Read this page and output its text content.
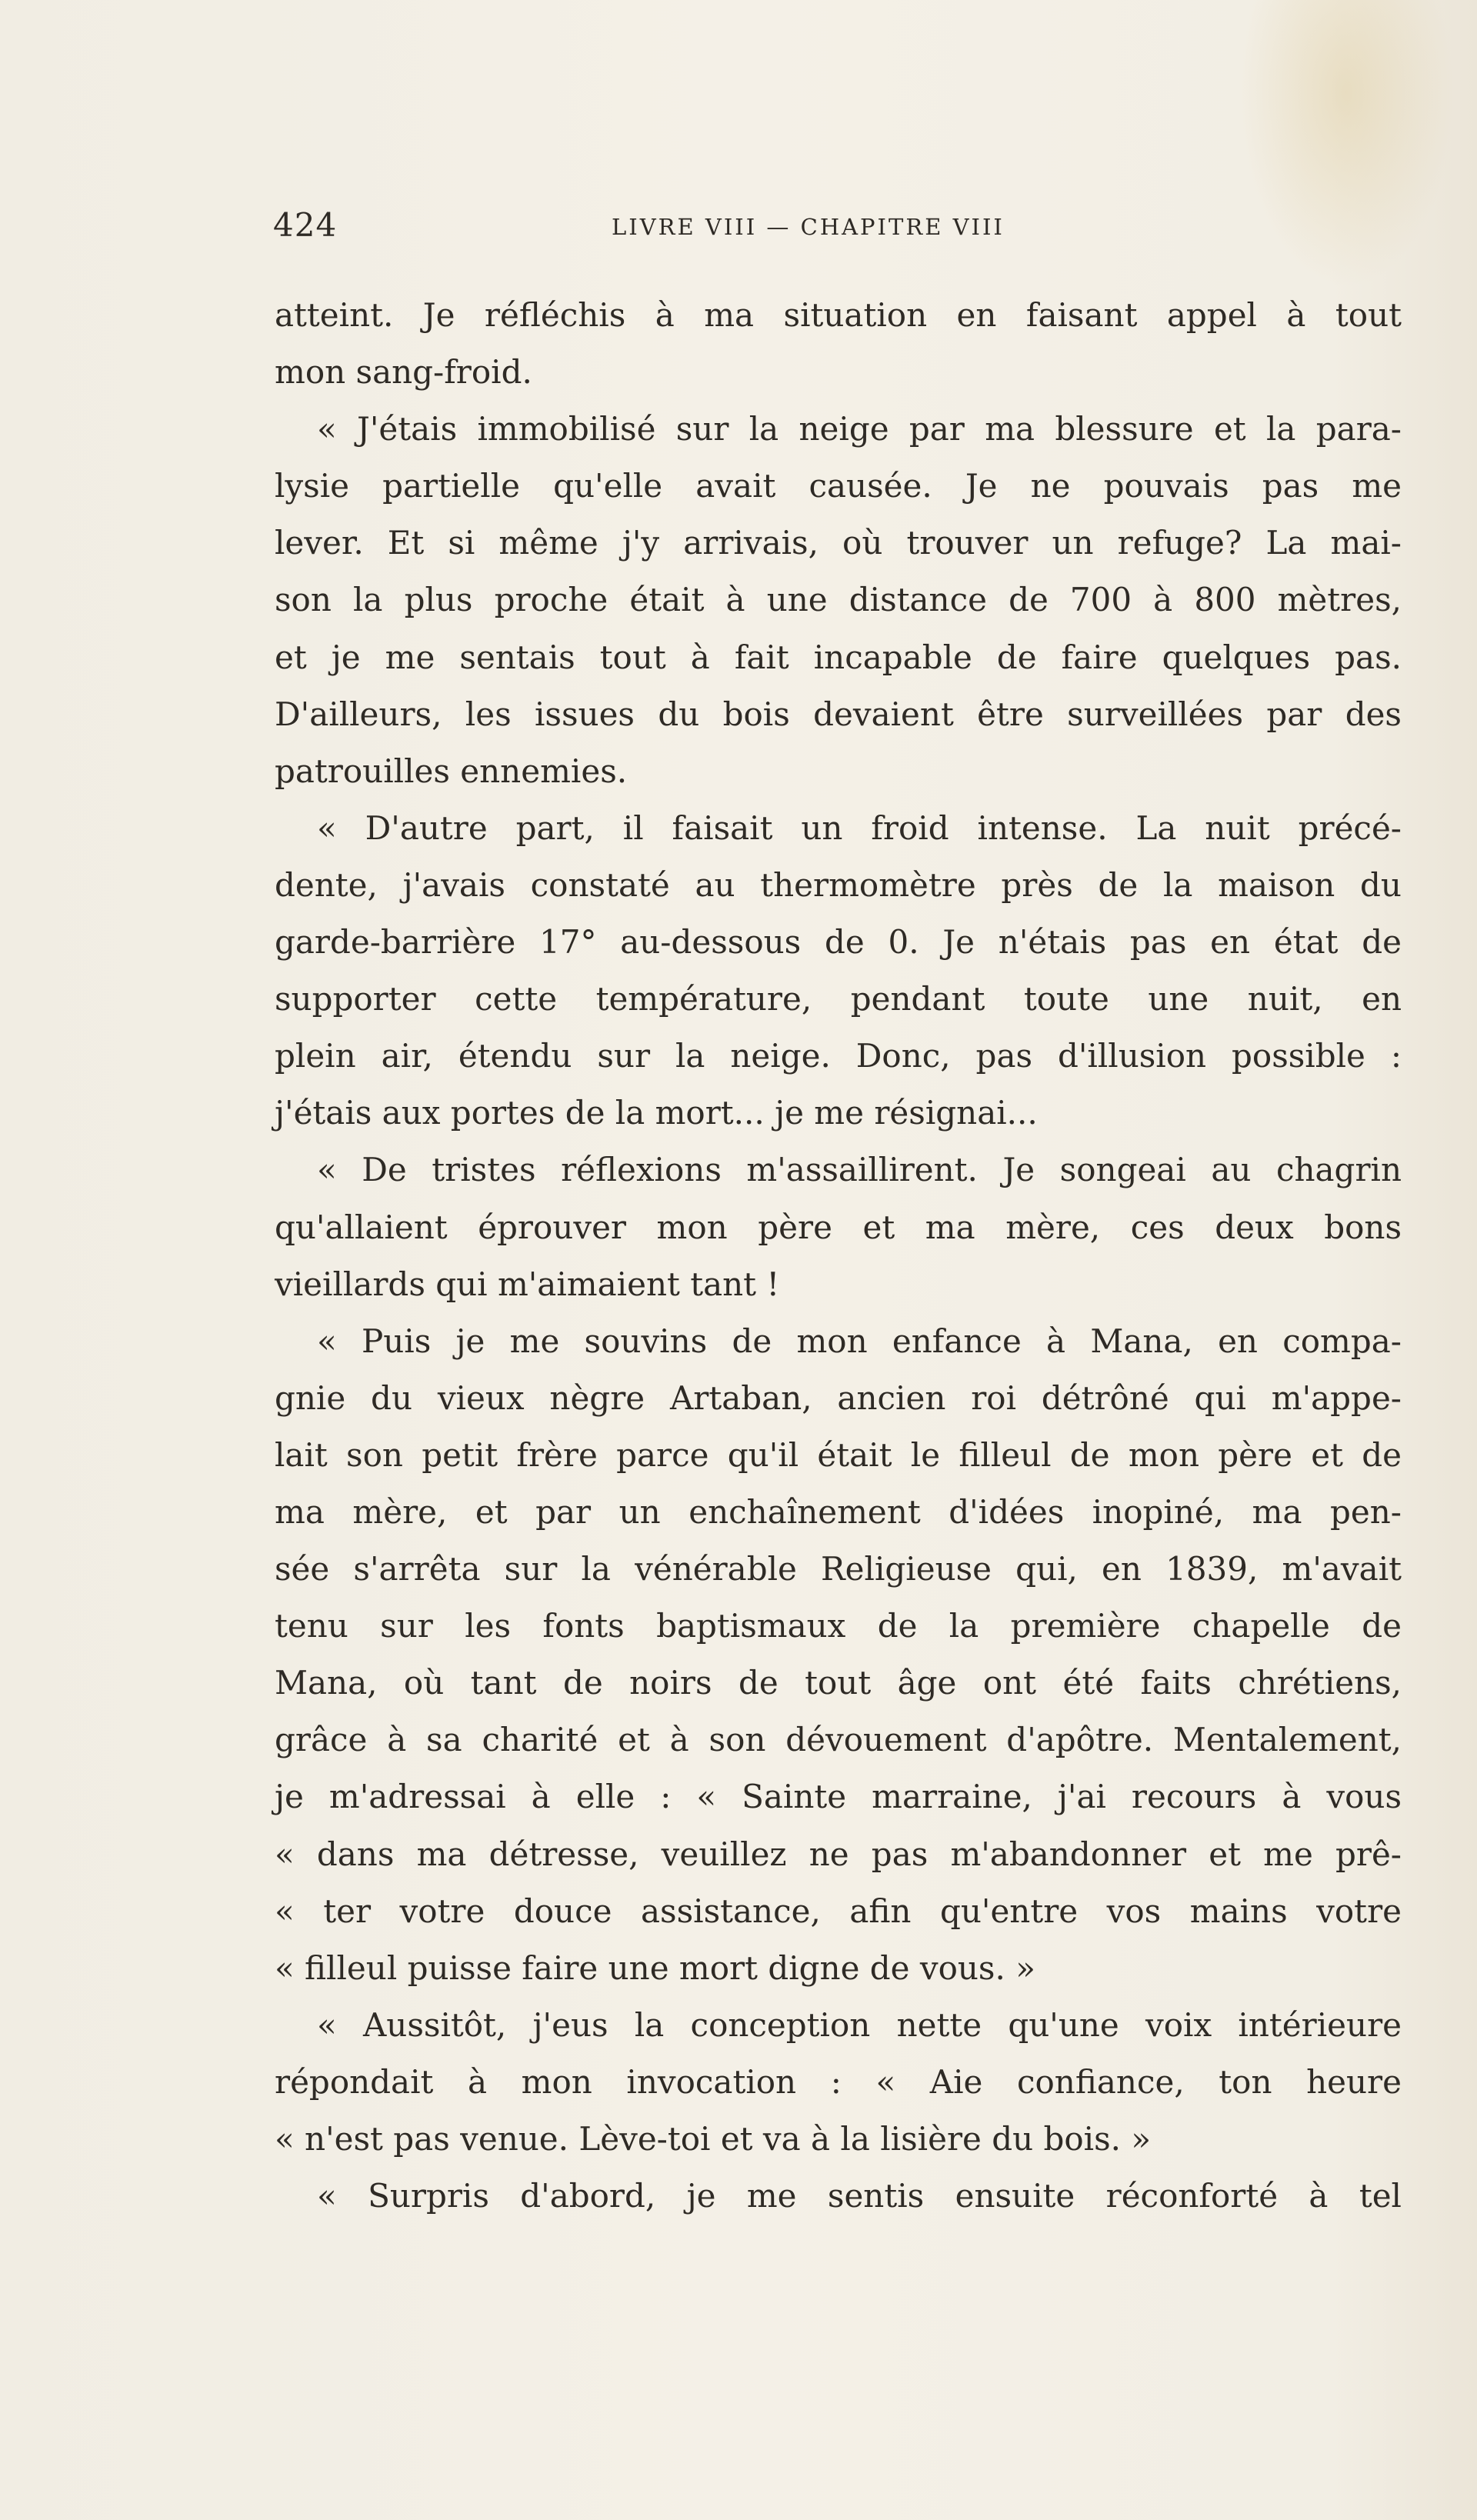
424	LIVRE VIII — CHAPITRE VIII
atteint. Je réfléchis à ma situation en faisant appel à tout
mon sang-froid.
« J'étais immobilisé sur la neige par ma blessure et la para-
lysie partielle qu'elle avait causée. Je ne pouvais pas me
lever. Et si même j'y arrivais, où trouver un refuge? La mai-
son la plus proche était à une distance de 700 à 800 mètres,
et je me sentais tout à fait incapable de faire quelques pas.
D'ailleurs, les issues du bois devaient être surveillées par des
patrouilles ennemies.
« D'autre part, il faisait un froid intense. La nuit précé-
dente, j'avais constaté au thermomètre près de la maison du
garde-barrière 17° au-dessous de 0. Je n'étais pas en état de
supporter cette température, pendant toute une nuit, en
plein air, étendu sur la neige. Donc, pas d'illusion possible :
j'étais aux portes de la mort... je me résignai...
« De tristes réflexions m'assaillirent. Je songeai au chagrin
qu'allaient éprouver mon père et ma mère, ces deux bons
vieillards qui m'aimaient tant !
« Puis je me souvins de mon enfance à Mana, en compa-
gnie du vieux nègre Artaban, ancien roi détrôné qui m'appe-
lait son petit frère parce qu'il était le filleul de mon père et de
ma mère, et par un enchaînement d'idées inopiné, ma pen-
sée s'arrêta sur la vénérable Religieuse qui, en 1839, m'avait
tenu sur les fonts baptismaux de la première chapelle de
Mana, où tant de noirs de tout âge ont été faits chrétiens,
grâce à sa charité et à son dévouement d'apôtre. Mentalement,
je m'adressai à elle : « Sainte marraine, j'ai recours à vous
« dans ma détresse, veuillez ne pas m'abandonner et me prê-
« ter votre douce assistance, afin qu'entre vos mains votre
« filleul puisse faire une mort digne de vous. »
« Aussitôt, j'eus la conception nette qu'une voix intérieure
répondait à mon invocation : « Aie confiance, ton heure
« n'est pas venue. Lève-toi et va à la lisière du bois. »
« Surpris d'abord, je me sentis ensuite réconforté à tel
